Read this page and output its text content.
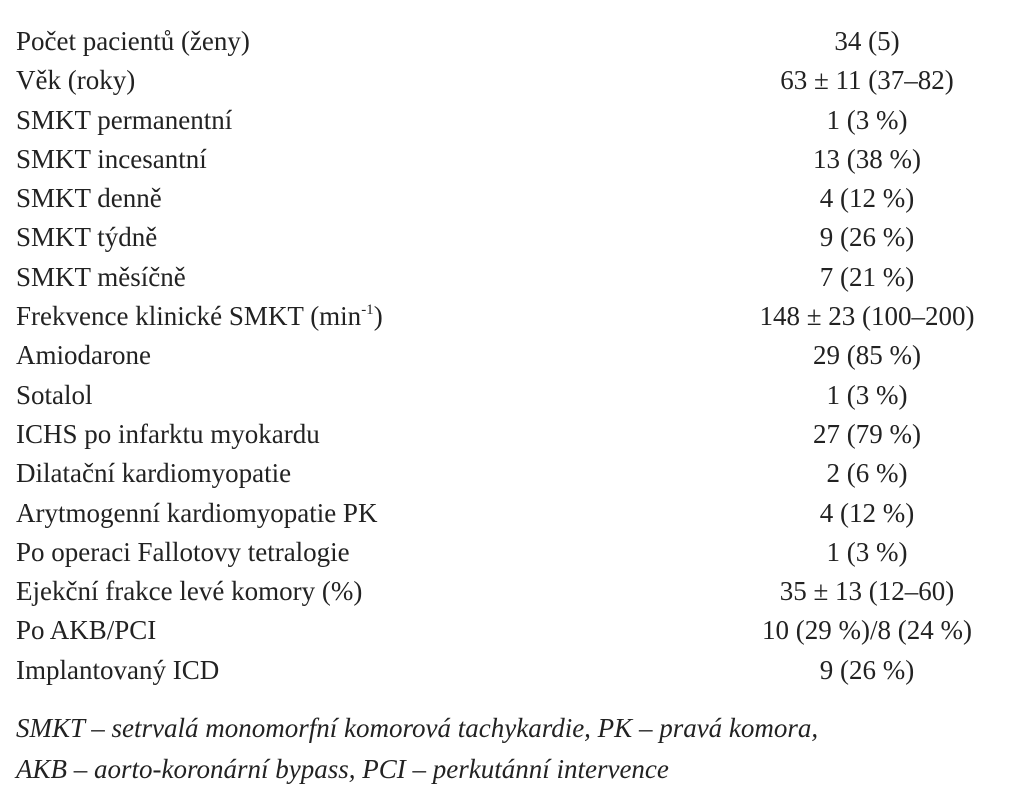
Počet pacientů (ženy)	34 (5)
Věk (roky)	63 ± 11 (37–82)
SMKT permanentní	1 (3 %)
SMKT incesantní	13 (38 %)
SMKT denně	4 (12 %)
SMKT týdně	9 (26 %)
SMKT měsíčně	7 (21 %)
Frekvence klinické SMKT $(\min^{-1})$	148 ± 23 (100–200)
Amiodarone	29 (85 %)
Sotalol	1 (3 %)
ICHS po infarktu myokardu	27 (79 %)
Dilatační kardiomyopatie	2 (6 %)
Arytmogenní kardiomyopatie PK	4 (12 %)
Po operaci Fallotovy tetralogie	1 (3 %)
Ejekční frakce levé komory (%)	35 ± 13 (12–60)
Po AKB/PCI	10 (29 %)/8 (24 %)
Implantovaný ICD	9 (26 %)
SMKT – setrvalá monomorfní komorová tachykardie, PK – pravá komora,
AKB – aorto-koronární bypass, PCI – perkutánní intervence
